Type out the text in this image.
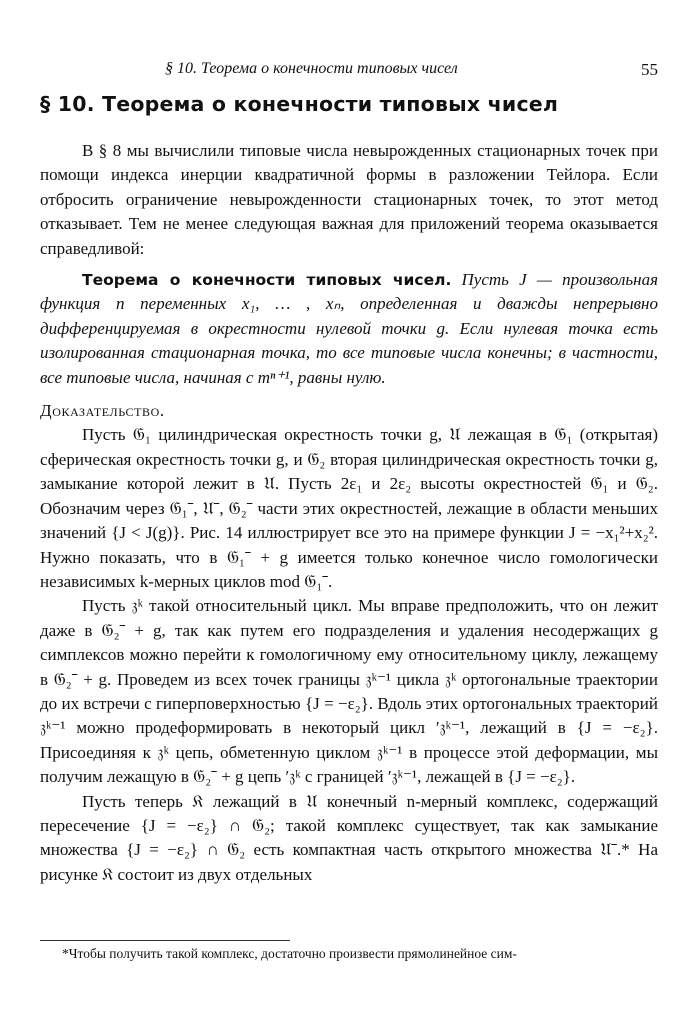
§ 10. Теорема о конечности типовых чисел	55
§ 10. Теорема о конечности типовых чисел

В § 8 мы вычислили типовые числа невырожденных стационарных точек при помощи индекса инерции квадратичной формы в разложении Тейлора. Если отбросить ограничение невырожденности стационарных точек, то этот метод отказывает. Тем не менее следующая важная для приложений теорема оказывается справедливой:

Теорема о конечности типовых чисел. Пусть J — произвольная функция n переменных x₁, … , xₙ, определенная и дважды непрерывно дифференцируемая в окрестности нулевой точки g. Если нулевая точка есть изолированная стационарная точка, то все типовые числа конечны; в частности, все типовые числа, начиная с mⁿ⁺¹, равны нулю.

Доказательство.

Пусть 𝔊₁ цилиндрическая окрестность точки g, 𝔘 лежащая в 𝔊₁ (открытая) сферическая окрестность точки g, и 𝔊₂ вторая цилиндрическая окрестность точки g, замыкание которой лежит в 𝔘. Пусть 2ε₁ и 2ε₂ высоты окрестностей 𝔊₁ и 𝔊₂. Обозначим через 𝔊₁⁻, 𝔘⁻, 𝔊₂⁻ части этих окрестностей, лежащие в области меньших значений {J < J(g)}. Рис. 14 иллюстрирует все это на примере функции J = −x₁²+x₂². Нужно показать, что в 𝔊₁⁻ + g имеется только конечное число гомологически независимых k-мерных циклов mod 𝔊₁⁻.

Пусть 𝔷ᵏ такой относительный цикл. Мы вправе предположить, что он лежит даже в 𝔊₂⁻ + g, так как путем его подразделения и удаления несодержащих g симплексов можно перейти к гомологичному ему относительному циклу, лежащему в 𝔊₂⁻ + g. Проведем из всех точек границы 𝔷ᵏ⁻¹ цикла 𝔷ᵏ ортогональные траектории до их встречи с гиперповерхностью {J = −ε₂}. Вдоль этих ортогональных траекторий 𝔷ᵏ⁻¹ можно продеформировать в некоторый цикл ′𝔷ᵏ⁻¹, лежащий в {J = −ε₂}. Присоединяя к 𝔷ᵏ цепь, обметенную циклом 𝔷ᵏ⁻¹ в процессе этой деформации, мы получим лежащую в 𝔊₂⁻ + g цепь ′𝔷ᵏ с границей ′𝔷ᵏ⁻¹, лежащей в {J = −ε₂}.

Пусть теперь 𝔎 лежащий в 𝔘 конечный n-мерный комплекс, содержащий пересечение {J = −ε₂} ∩ 𝔊₂; такой комплекс существует, так как замыкание множества {J = −ε₂} ∩ 𝔊₂ есть компактная часть открытого множества 𝔘⁻.* На рисунке 𝔎 состоит из двух отдельных

*Чтобы получить такой комплекс, достаточно произвести прямолинейное сим-
